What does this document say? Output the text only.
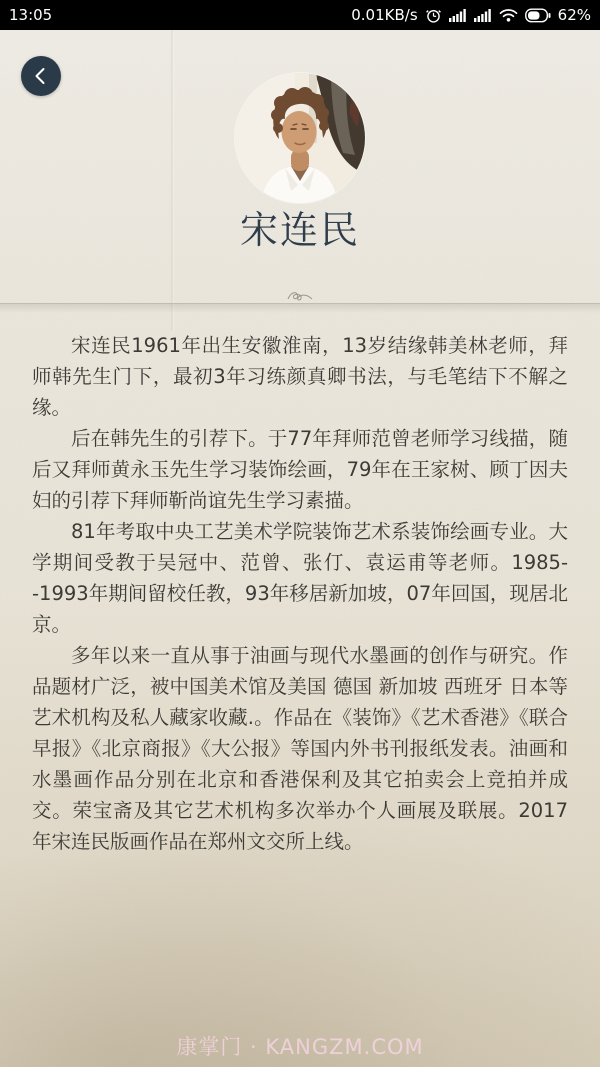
13:05	0.01KB/s	62%
宋连民

宋连民1961年出生安徽淮南，13岁结缘韩美林老师，拜师韩先生门下，最初3年习练颜真卿书法，与毛笔结下不解之缘。

后在韩先生的引荐下。于77年拜师范曾老师学习线描，随后又拜师黄永玉先生学习装饰绘画，79年在王家树、顾丁因夫妇的引荐下拜师靳尚谊先生学习素描。

81年考取中央工艺美术学院装饰艺术系装饰绘画专业。大学期间受教于吴冠中、范曾、张仃、袁运甫等老师。1985--1993年期间留校任教，93年移居新加坡，07年回国，现居北京。

多年以来一直从事于油画与现代水墨画的创作与研究。作品题材广泛，被中国美术馆及美国 德国 新加坡 西班牙 日本等艺术机构及私人藏家收藏.。作品在《装饰》《艺术香港》《联合早报》《北京商报》《大公报》等国内外书刊报纸发表。油画和水墨画作品分别在北京和香港保利及其它拍卖会上竞拍并成交。荣宝斋及其它艺术机构多次举办个人画展及联展。2017年宋连民版画作品在郑州文交所上线。

康掌门 · KANGZM.COM
